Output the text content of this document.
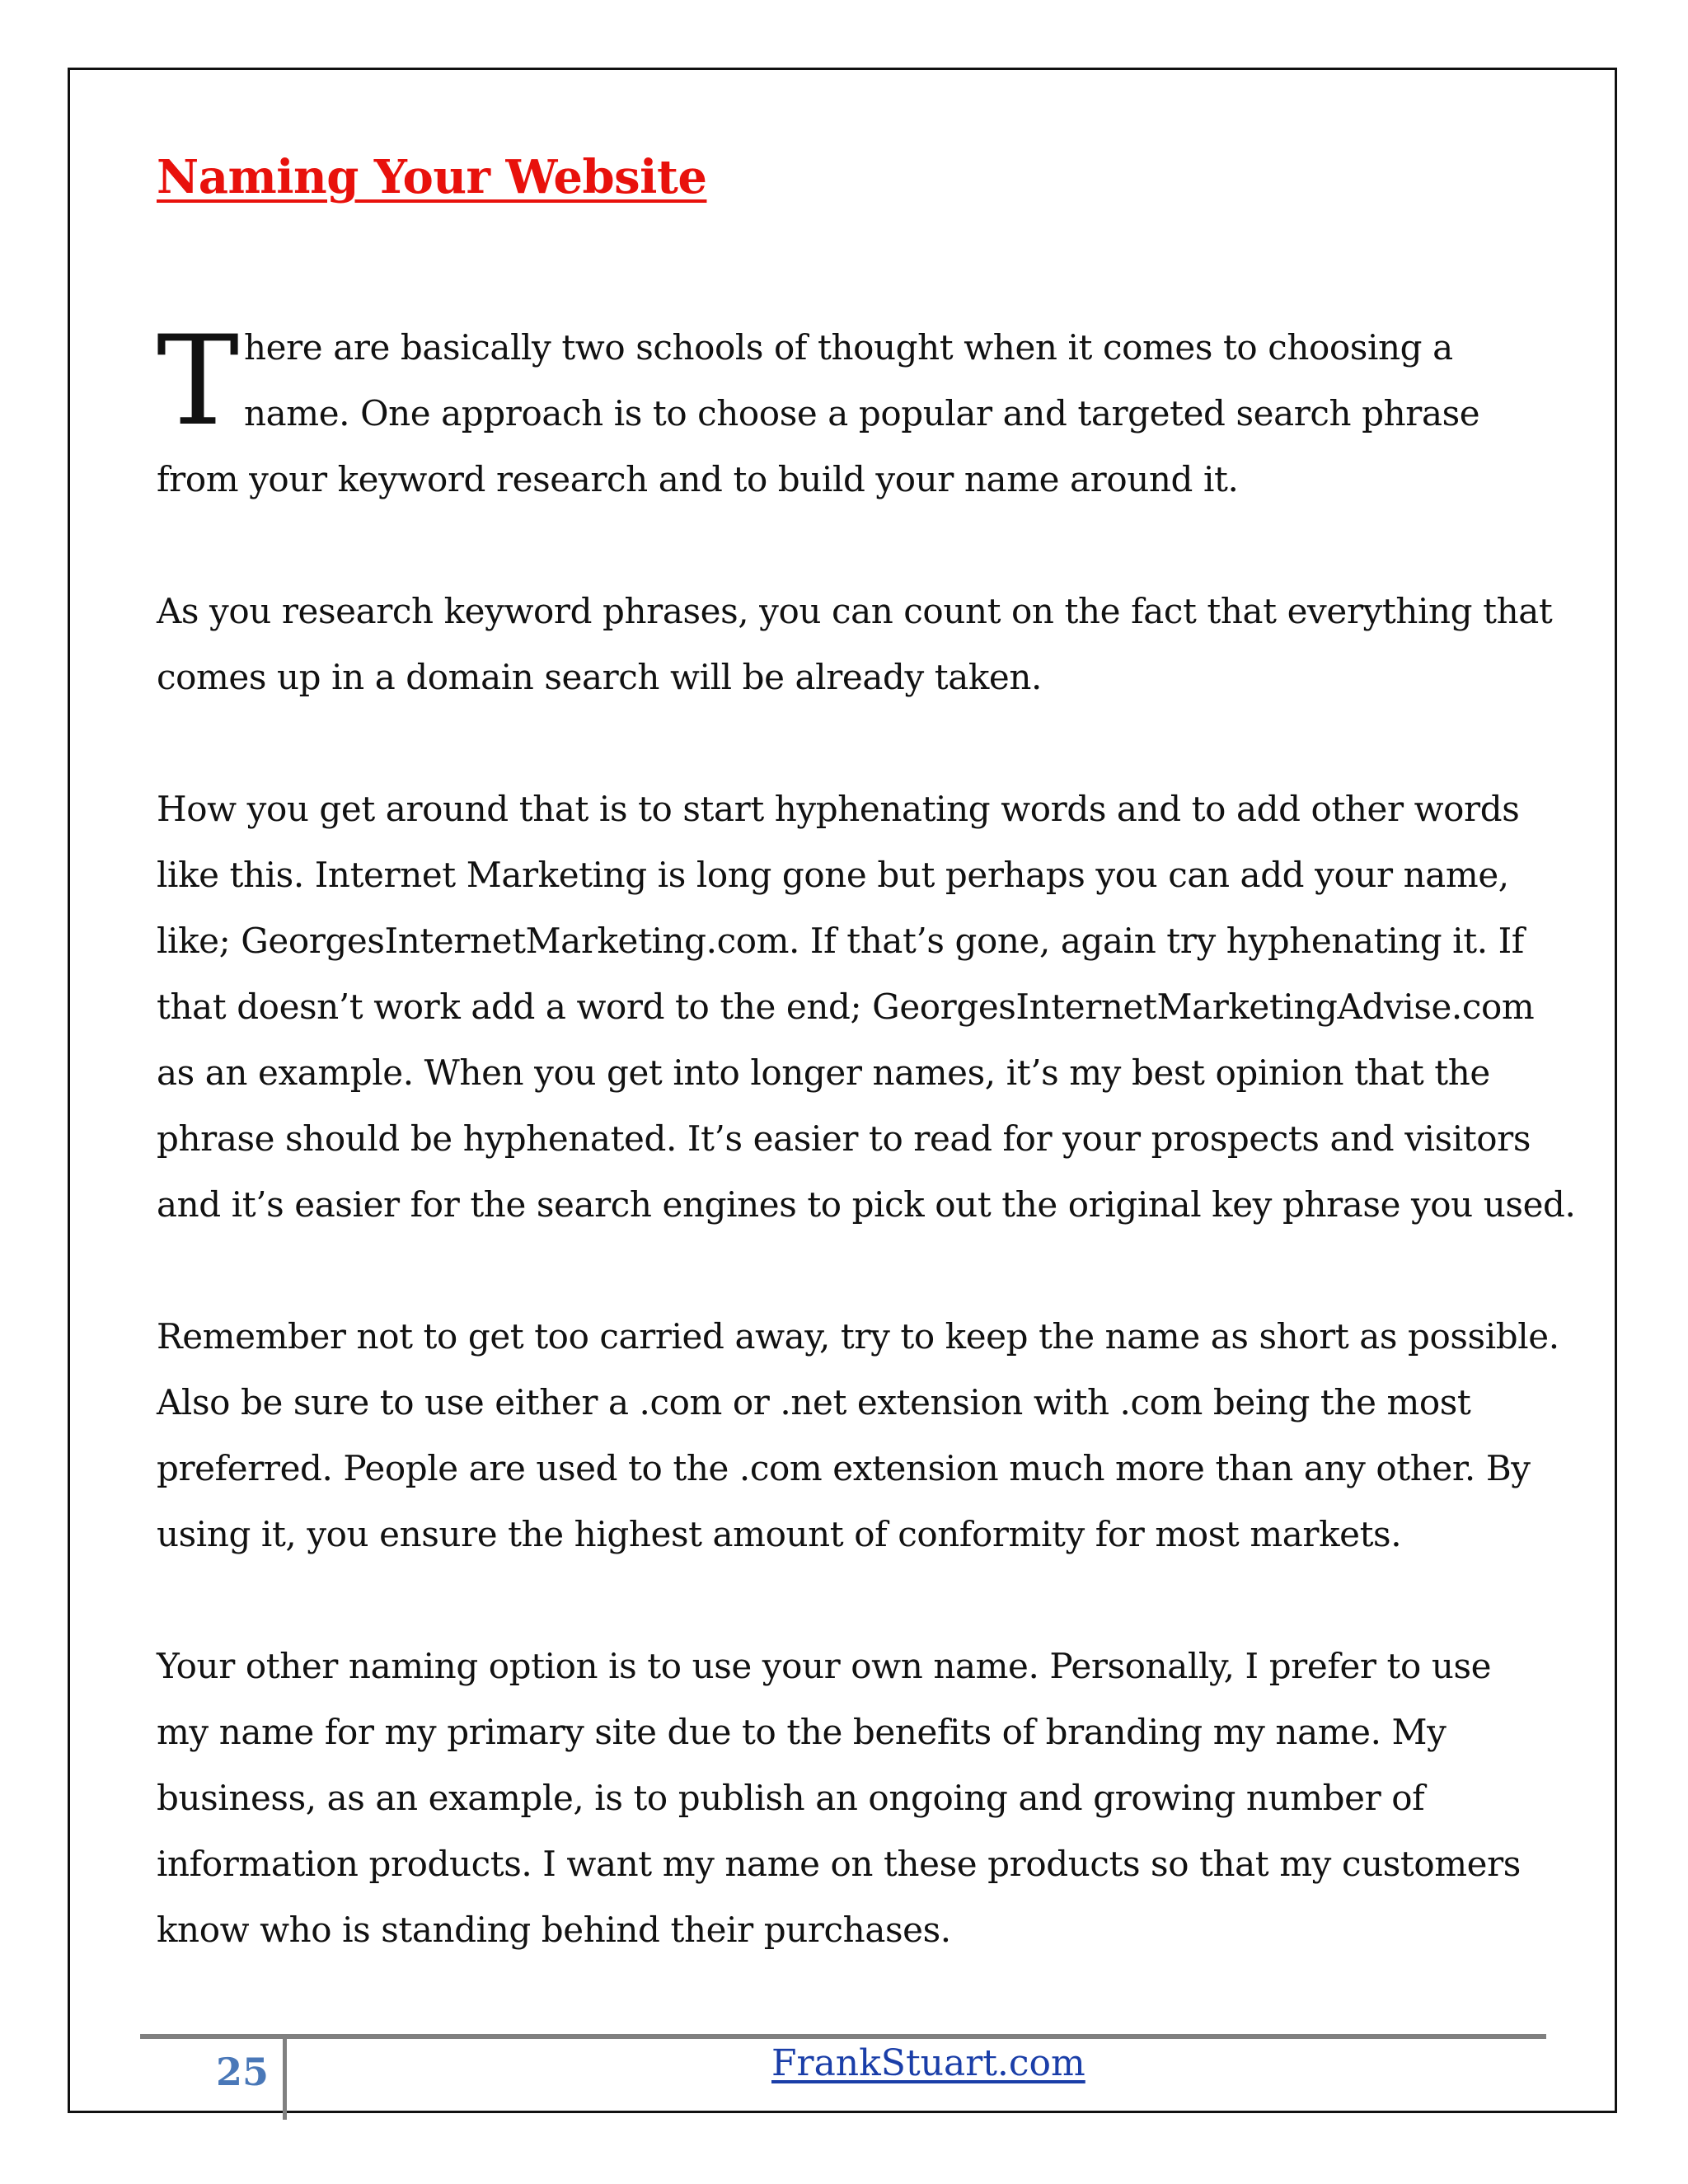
Naming Your Website

T here are basically two schools of thought when it comes to choosing a
name. One approach is to choose a popular and targeted search phrase
from your keyword research and to build your name around it.

As you research keyword phrases, you can count on the fact that everything that
comes up in a domain search will be already taken.

How you get around that is to start hyphenating words and to add other words
like this. Internet Marketing is long gone but perhaps you can add your name,
like; GeorgesInternetMarketing.com. If that’s gone, again try hyphenating it. If
that doesn’t work add a word to the end; GeorgesInternetMarketingAdvise.com
as an example. When you get into longer names, it’s my best opinion that the
phrase should be hyphenated. It’s easier to read for your prospects and visitors
and it’s easier for the search engines to pick out the original key phrase you used.

Remember not to get too carried away, try to keep the name as short as possible.
Also be sure to use either a .com or .net extension with .com being the most
preferred. People are used to the .com extension much more than any other. By
using it, you ensure the highest amount of conformity for most markets.

Your other naming option is to use your own name. Personally, I prefer to use
my name for my primary site due to the benefits of branding my name. My
business, as an example, is to publish an ongoing and growing number of
information products. I want my name on these products so that my customers
know who is standing behind their purchases.

25	FrankStuart.com
